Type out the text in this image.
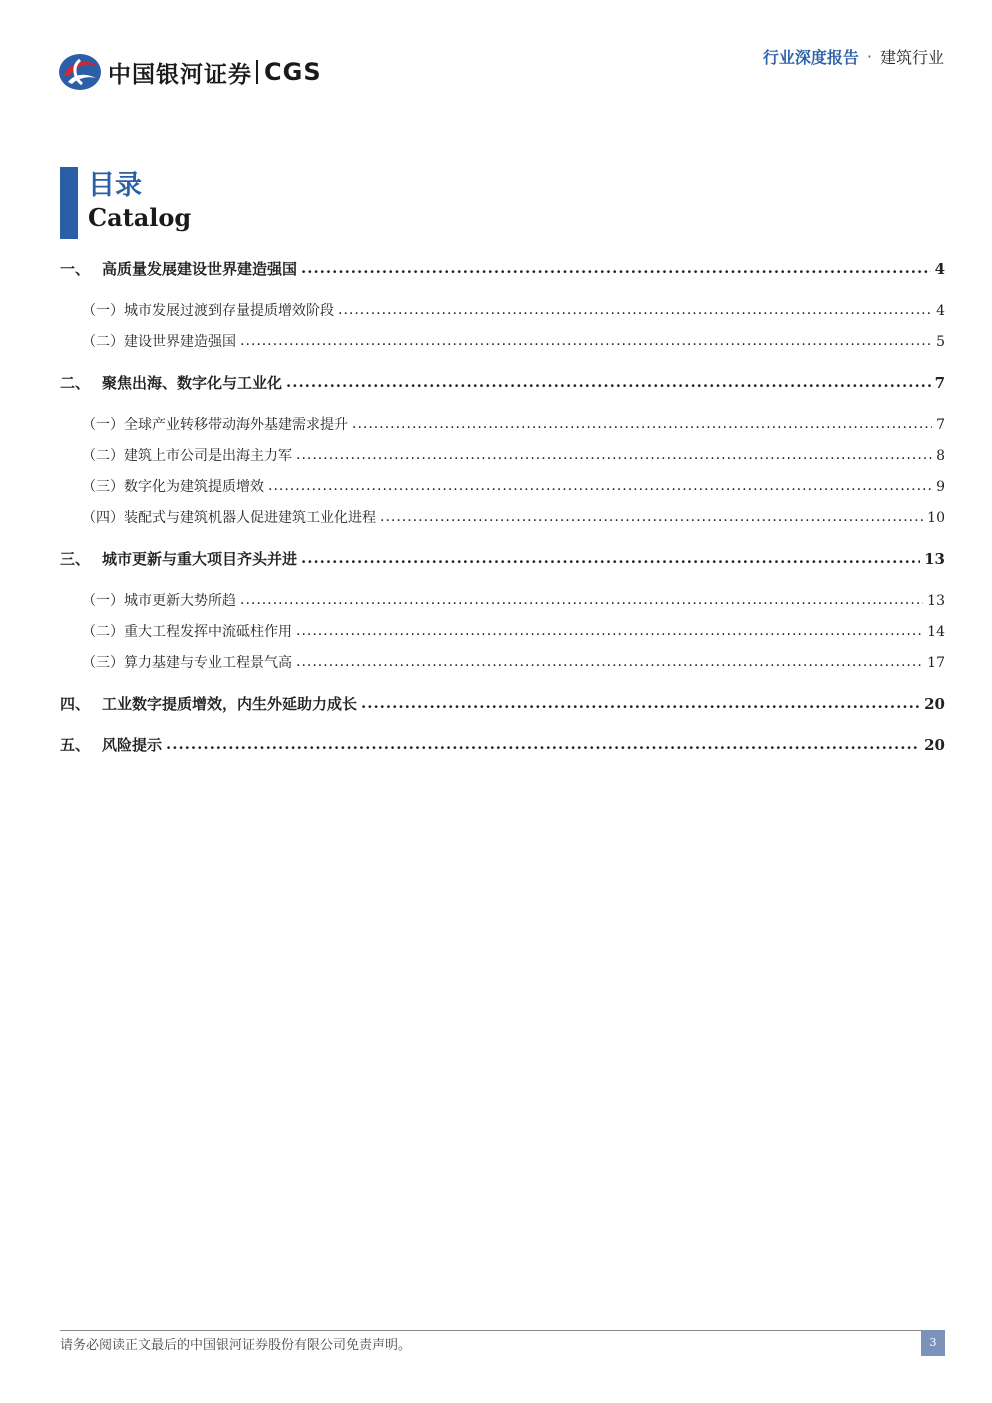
中国银河证券 CGS
行业深度报告 · 建筑行业
目录
Catalog
一、 高质量发展建设世界建造强国 .....	4
（一） 城市发展过渡到存量提质增效阶段 .....	4
（二） 建设世界建造强国 .....	5
二、 聚焦出海、数字化与工业化 .....	7
（一） 全球产业转移带动海外基建需求提升 .....	7
（二） 建筑上市公司是出海主力军 .....	8
（三） 数字化为建筑提质增效 .....	9
（四） 装配式与建筑机器人促进建筑工业化进程 .....	10
三、 城市更新与重大项目齐头并进 .....	13
（一） 城市更新大势所趋 .....	13
（二） 重大工程发挥中流砥柱作用 .....	14
（三） 算力基建与专业工程景气高 .....	17
四、 工业数字提质增效，内生外延助力成长 .....	20
五、 风险提示 .....	20
请务必阅读正文最后的中国银河证券股份有限公司免责声明。	3
